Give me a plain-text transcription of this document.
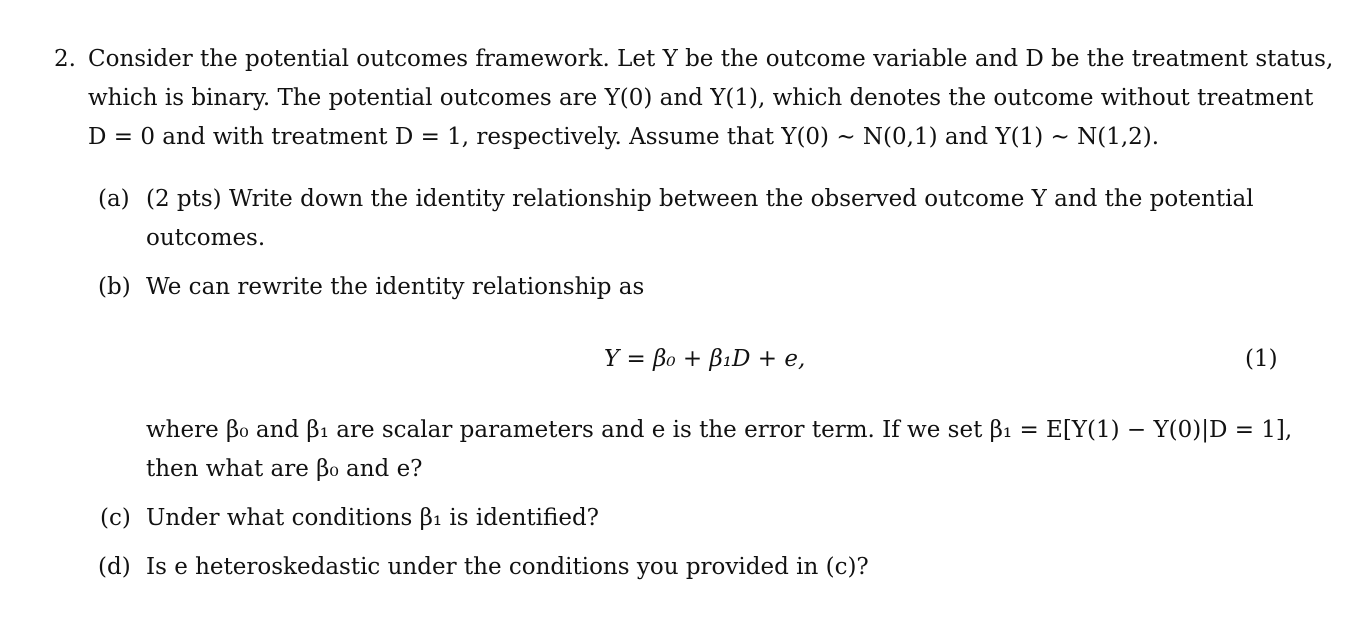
2. Consider the potential outcomes framework. Let Y be the outcome variable and D be the treatment status,
which is binary. The potential outcomes are Y(0) and Y(1), which denotes the outcome without treatment
D = 0 and with treatment D = 1, respectively. Assume that Y(0) ∼ N(0,1) and Y(1) ∼ N(1,2).
(a) (2 pts) Write down the identity relationship between the observed outcome Y and the potential
outcomes.
(b) We can rewrite the identity relationship as
Y = β₀ + β₁D + e,	(1)
where β₀ and β₁ are scalar parameters and e is the error term. If we set β₁ = E[Y(1) − Y(0)|D = 1],
then what are β₀ and e?
(c) Under what conditions β₁ is identified?
(d) Is e heteroskedastic under the conditions you provided in (c)?
